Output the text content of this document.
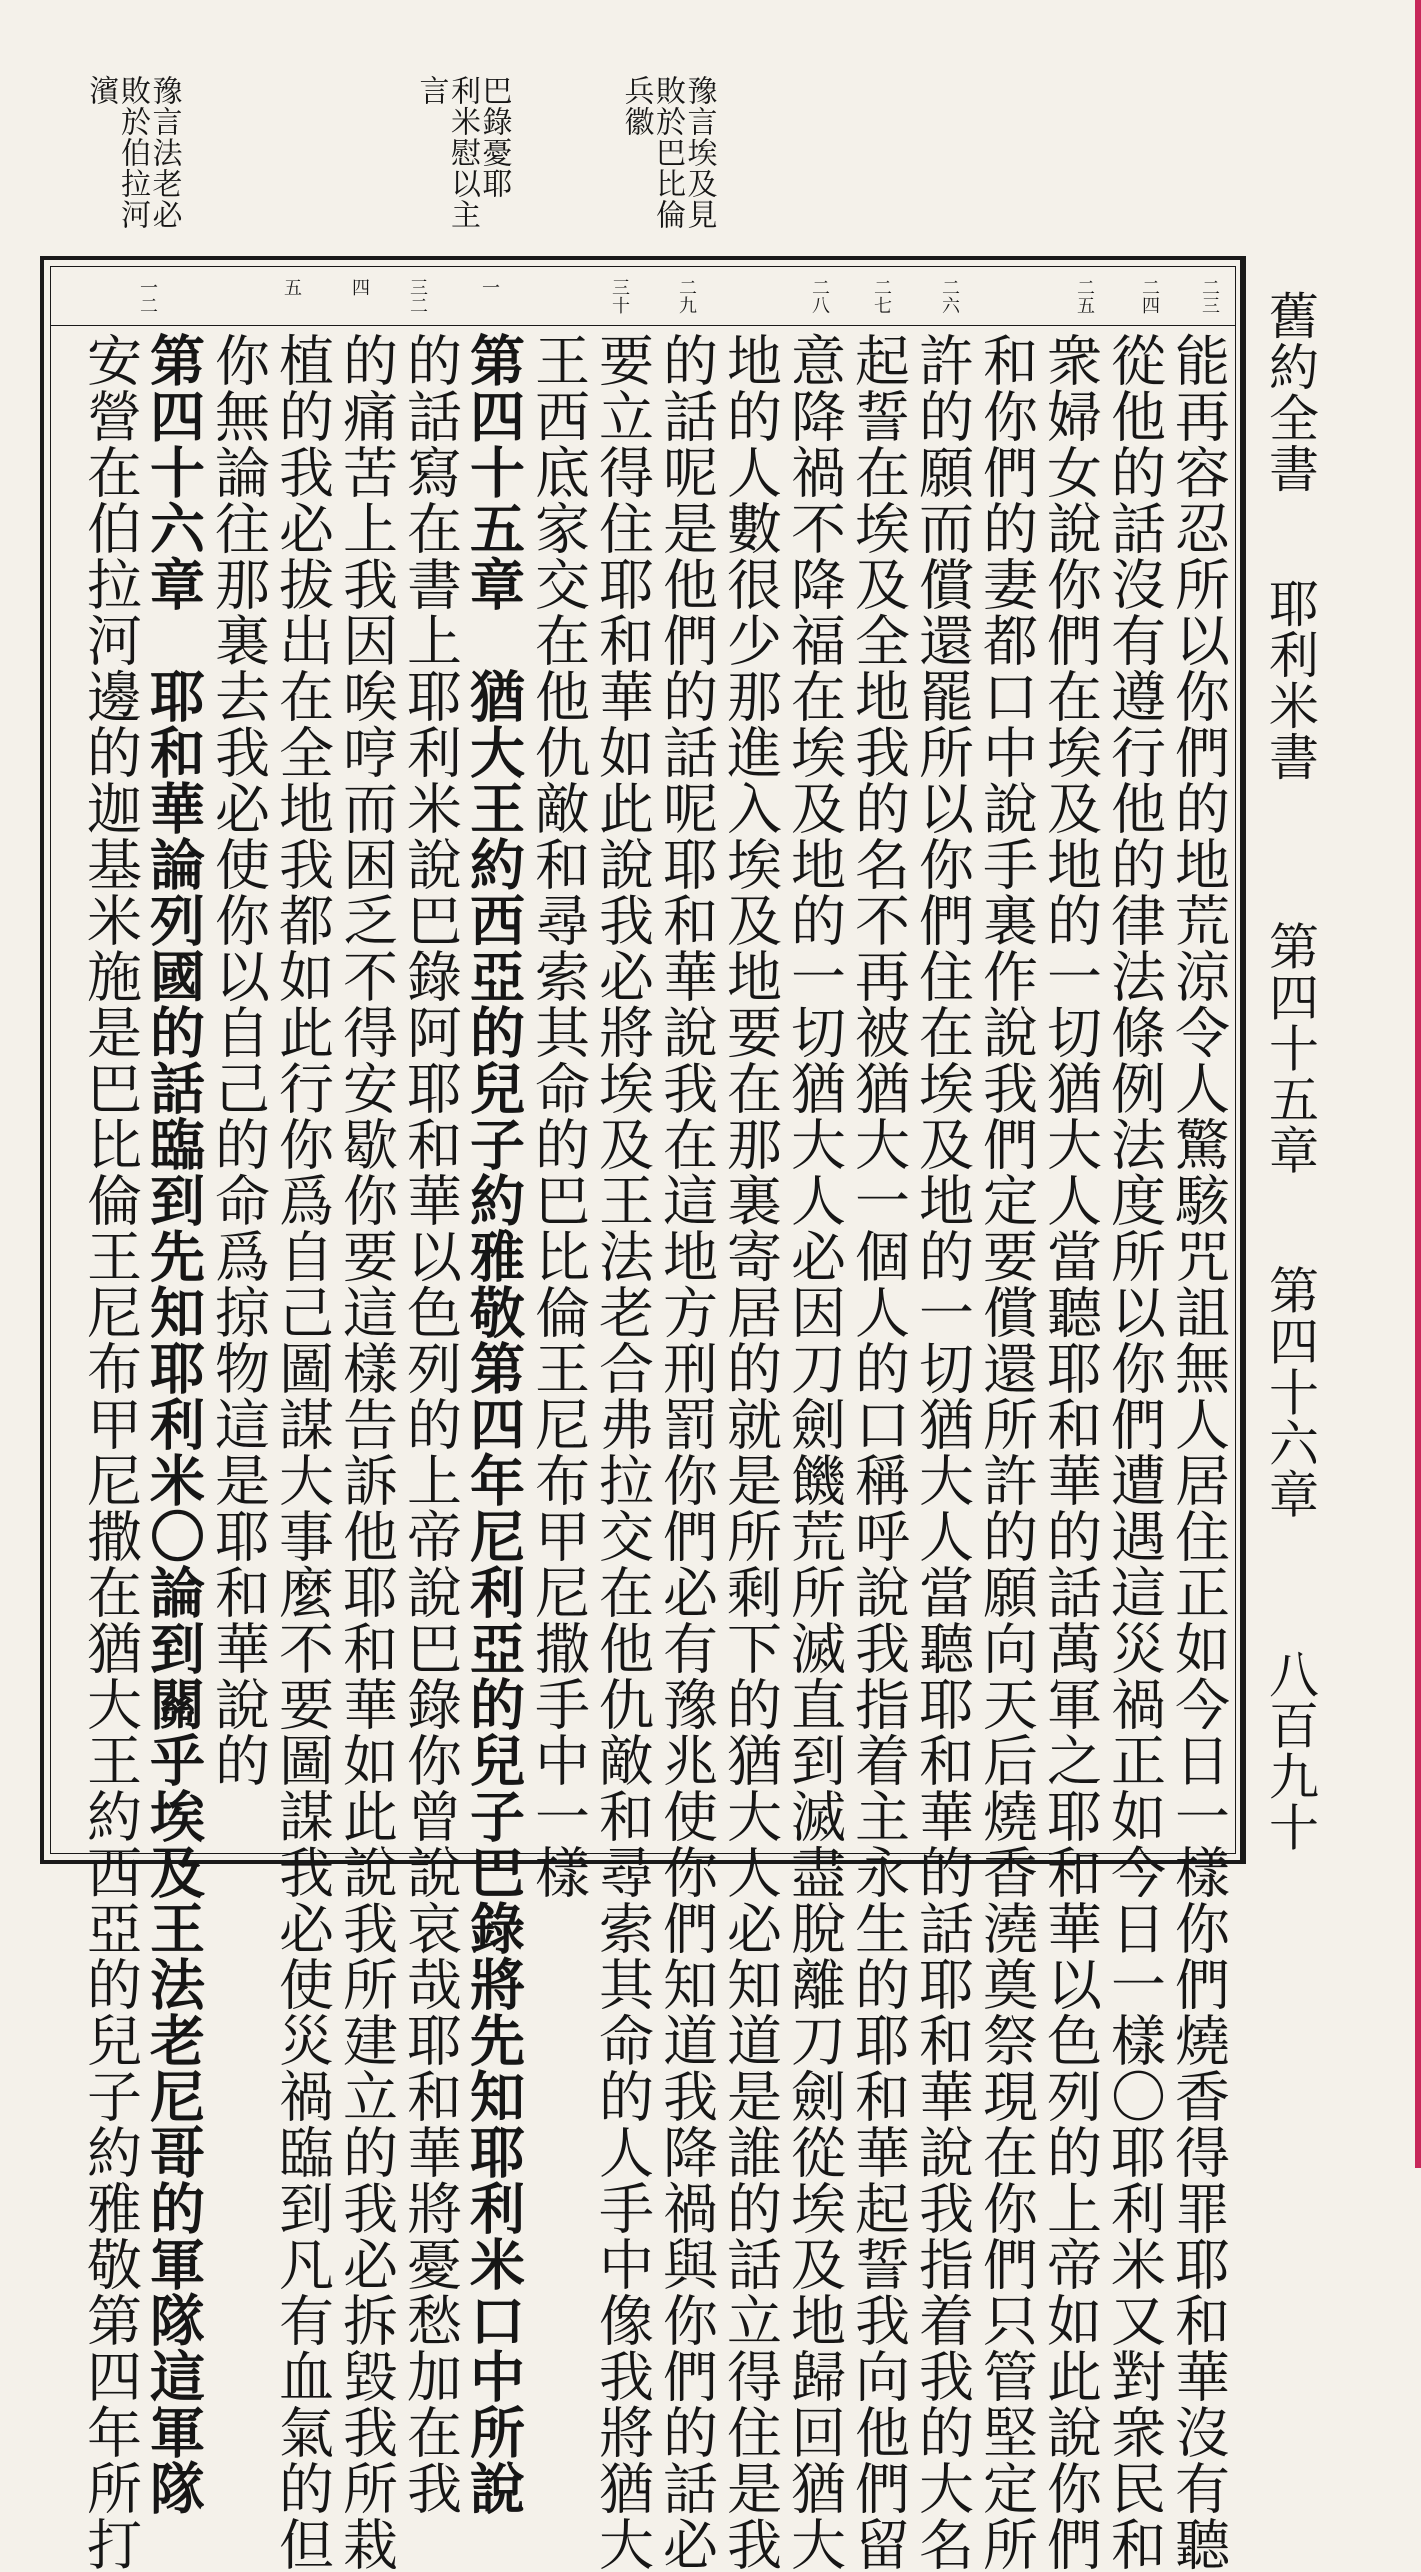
豫言法老必
敗於伯拉河
濱	巴錄憂耶
利米慰以主
言	豫言埃及見
敗於巴比倫
兵徽
一二	五	四 三二	一	三十	二九	二八 二七	二六	二五 二四 二三 舊約全書  耶利米書  第四十五章  第四十六章  八百九十
能再容忍所以你們的地荒涼令人驚駭咒詛無人居住正如今日一樣你們燒香得罪耶和華沒有聽
從他的話沒有遵行他的律法條例法度所以你們遭遇這災禍正如今日一樣〇耶利米又對衆民和
衆婦女說你們在埃及地的一切猶大人當聽耶和華的話萬軍之耶和華以色列的上帝如此說你們
和你們的妻都口中說手裏作說我們定要償還所許的願向天后燒香澆奠祭現在你們只管堅定所
許的願而償還罷所以你們住在埃及地的一切猶大人當聽耶和華的話耶和華說我指着我的大名
起誓在埃及全地我的名不再被猶大一個人的口稱呼說我指着主永生的耶和華起誓我向他們留
意降禍不降福在埃及地的一切猶大人必因刀劍饑荒所滅直到滅盡脫離刀劍從埃及地歸回猶大
地的人數很少那進入埃及地要在那裏寄居的就是所剩下的猶大人必知道是誰的話立得住是我
的話呢是他們的話呢耶和華說我在這地方刑罰你們必有豫兆使你們知道我降禍與你們的話必
要立得住耶和華如此說我必將埃及王法老合弗拉交在他仇敵和尋索其命的人手中像我將猶大
王西底家交在他仇敵和尋索其命的巴比倫王尼布甲尼撒手中一樣
第四十五章　猶大王約西亞的兒子約雅敬第四年尼利亞的兒子巴錄將先知耶利米口中所說
的話寫在書上耶利米說巴錄阿耶和華以色列的上帝說巴錄你曾說哀哉耶和華將憂愁加在我
的痛苦上我因唉哼而困乏不得安歇你要這樣告訴他耶和華如此說我所建立的我必拆毀我所栽
植的我必拔出在全地我都如此行你爲自己圖謀大事麼不要圖謀我必使災禍臨到凡有血氣的但
你無論往那裏去我必使你以自己的命爲掠物這是耶和華說的
第四十六章　耶和華論列國的話臨到先知耶利米〇論到關乎埃及王法老尼哥的軍隊這軍隊
安營在伯拉河邊的迦基米施是巴比倫王尼布甲尼撒在猶大王約西亞的兒子約雅敬第四年所打
